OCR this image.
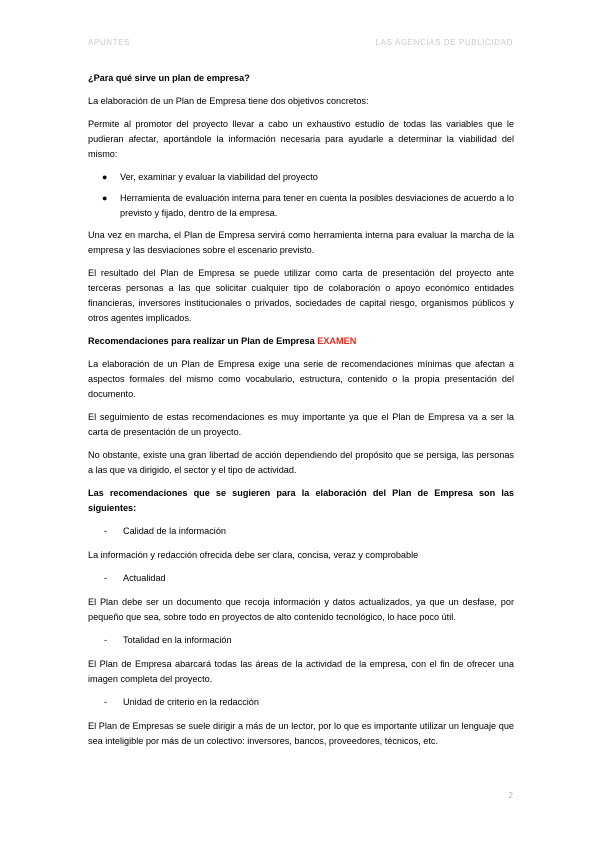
APUNTES	LAS AGENCIAS DE PUBLICIDAD

¿Para qué sirve un plan de empresa?

La elaboración de un Plan de Empresa tiene dos objetivos concretos:

Permite al promotor del proyecto llevar a cabo un exhaustivo estudio de todas las variables que le pudieran afectar, aportándole la información necesaria para ayudarle a determinar la viabilidad del mismo:

● Ver, examinar y evaluar la viabilidad del proyecto
● Herramienta de evaluación interna para tener en cuenta la posibles desviaciones de acuerdo a lo previsto y fijado, dentro de la empresa.

Una vez en marcha, el Plan de Empresa servirá como herramienta interna para evaluar la marcha de la empresa y las desviaciones sobre el escenario previsto.

El resultado del Plan de Empresa se puede utilizar como carta de presentación del proyecto ante terceras personas a las que solicitar cualquier tipo de colaboración o apoyo económico entidades financieras, inversores institucionales o privados, sociedades de capital riesgo, organismos públicos y otros agentes implicados.

Recomendaciones para realizar un Plan de Empresa EXAMEN

La elaboración de un Plan de Empresa exige una serie de recomendaciones mínimas que afectan a aspectos formales del mismo como vocabulario, estructura, contenido o la propia presentación del documento.

El seguimiento de estas recomendaciones es muy importante ya que el Plan de Empresa va a ser la carta de presentación de un proyecto.

No obstante, existe una gran libertad de acción dependiendo del propósito que se persiga, las personas a las que va dirigido, el sector y el tipo de actividad.

Las recomendaciones que se sugieren para la elaboración del Plan de Empresa son las siguientes:

- Calidad de la información

La información y redacción ofrecida debe ser clara, concisa, veraz y comprobable

- Actualidad

El Plan debe ser un documento que recoja información y datos actualizados, ya que un desfase, por pequeño que sea, sobre todo en proyectos de alto contenido tecnológico, lo hace poco útil.

- Totalidad en la información

El Plan de Empresa abarcará todas las áreas de la actividad de la empresa, con el fin de ofrecer una imagen completa del proyecto.

- Unidad de criterio en la redacción

El Plan de Empresas se suele dirigir a más de un lector, por lo que es importante utilizar un lenguaje que sea inteligible por más de un colectivo: inversores, bancos, proveedores, técnicos, etc.

2
